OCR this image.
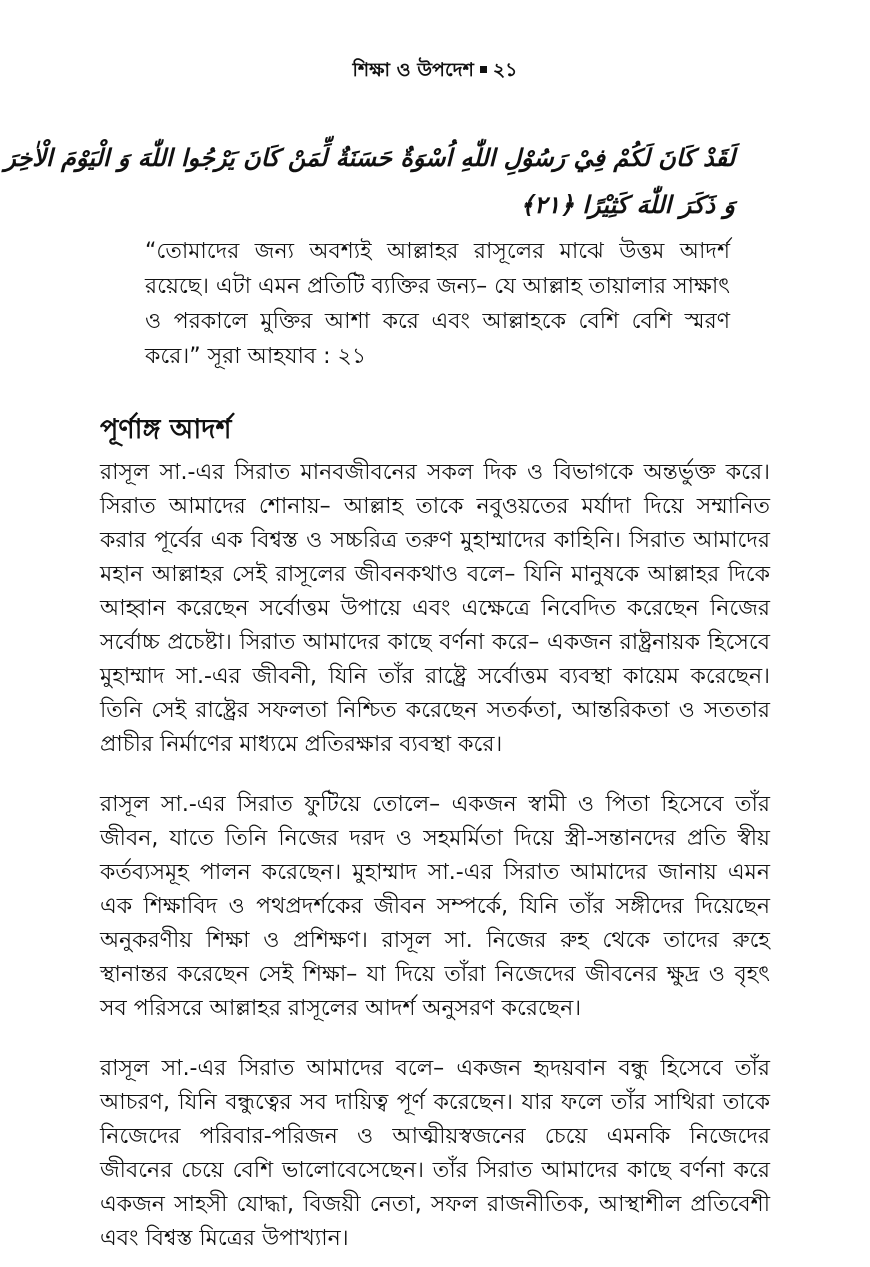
শিক্ষা ও উপদেশ ২১
لَقَدْ كَانَ لَكُمْ فِيْ رَسُوْلِ اللّٰهِ اُسْوَةٌ حَسَنَةٌ لِّمَنْ كَانَ يَرْجُوا اللّٰهَ وَ الْيَوْمَ الْاٰخِرَ
وَ ذَكَرَ اللّٰهَ كَثِيْرًا ﴿٢١﴾
“তোমাদের জন্য অবশ্যই আল্লাহর রাসূলের মাঝে উত্তম আদর্শ রয়েছে। এটা এমন প্রতিটি ব্যক্তির জন্য– যে আল্লাহ তায়ালার সাক্ষাৎ ও পরকালে মুক্তির আশা করে এবং আল্লাহকে বেশি বেশি স্মরণ করে।” সূরা আহযাব : ২১
পূর্ণাঙ্গ আদর্শ
রাসূল সা.-এর সিরাত মানবজীবনের সকল দিক ও বিভাগকে অন্তর্ভুক্ত করে। সিরাত আমাদের শোনায়– আল্লাহ তাকে নবুওয়তের মর্যাদা দিয়ে সম্মানিত করার পূর্বের এক বিশ্বস্ত ও সচ্চরিত্র তরুণ মুহাম্মাদের কাহিনি। সিরাত আমাদের মহান আল্লাহর সেই রাসূলের জীবনকথাও বলে– যিনি মানুষকে আল্লাহর দিকে আহ্বান করেছেন সর্বোত্তম উপায়ে এবং এক্ষেত্রে নিবেদিত করেছেন নিজের সর্বোচ্চ প্রচেষ্টা। সিরাত আমাদের কাছে বর্ণনা করে– একজন রাষ্ট্রনায়ক হিসেবে মুহাম্মাদ সা.-এর জীবনী, যিনি তাঁর রাষ্ট্রে সর্বোত্তম ব্যবস্থা কায়েম করেছেন। তিনি সেই রাষ্ট্রের সফলতা নিশ্চিত করেছেন সতর্কতা, আন্তরিকতা ও সততার প্রাচীর নির্মাণের মাধ্যমে প্রতিরক্ষার ব্যবস্থা করে।
রাসূল সা.-এর সিরাত ফুটিয়ে তোলে– একজন স্বামী ও পিতা হিসেবে তাঁর জীবন, যাতে তিনি নিজের দরদ ও সহমর্মিতা দিয়ে স্ত্রী-সন্তানদের প্রতি স্বীয় কর্তব্যসমূহ পালন করেছেন। মুহাম্মাদ সা.-এর সিরাত আমাদের জানায় এমন এক শিক্ষাবিদ ও পথপ্রদর্শকের জীবন সম্পর্কে, যিনি তাঁর সঙ্গীদের দিয়েছেন অনুকরণীয় শিক্ষা ও প্রশিক্ষণ। রাসূল সা. নিজের রুহ থেকে তাদের রুহে স্থানান্তর করেছেন সেই শিক্ষা– যা দিয়ে তাঁরা নিজেদের জীবনের ক্ষুদ্র ও বৃহৎ সব পরিসরে আল্লাহর রাসূলের আদর্শ অনুসরণ করেছেন।
রাসূল সা.-এর সিরাত আমাদের বলে– একজন হৃদয়বান বন্ধু হিসেবে তাঁর আচরণ, যিনি বন্ধুত্বের সব দায়িত্ব পূর্ণ করেছেন। যার ফলে তাঁর সাথিরা তাকে নিজেদের পরিবার-পরিজন ও আত্মীয়স্বজনের চেয়ে এমনকি নিজেদের জীবনের চেয়ে বেশি ভালোবেসেছেন। তাঁর সিরাত আমাদের কাছে বর্ণনা করে একজন সাহসী যোদ্ধা, বিজয়ী নেতা, সফল রাজনীতিক, আস্থাশীল প্রতিবেশী এবং বিশ্বস্ত মিত্রের উপাখ্যান।
